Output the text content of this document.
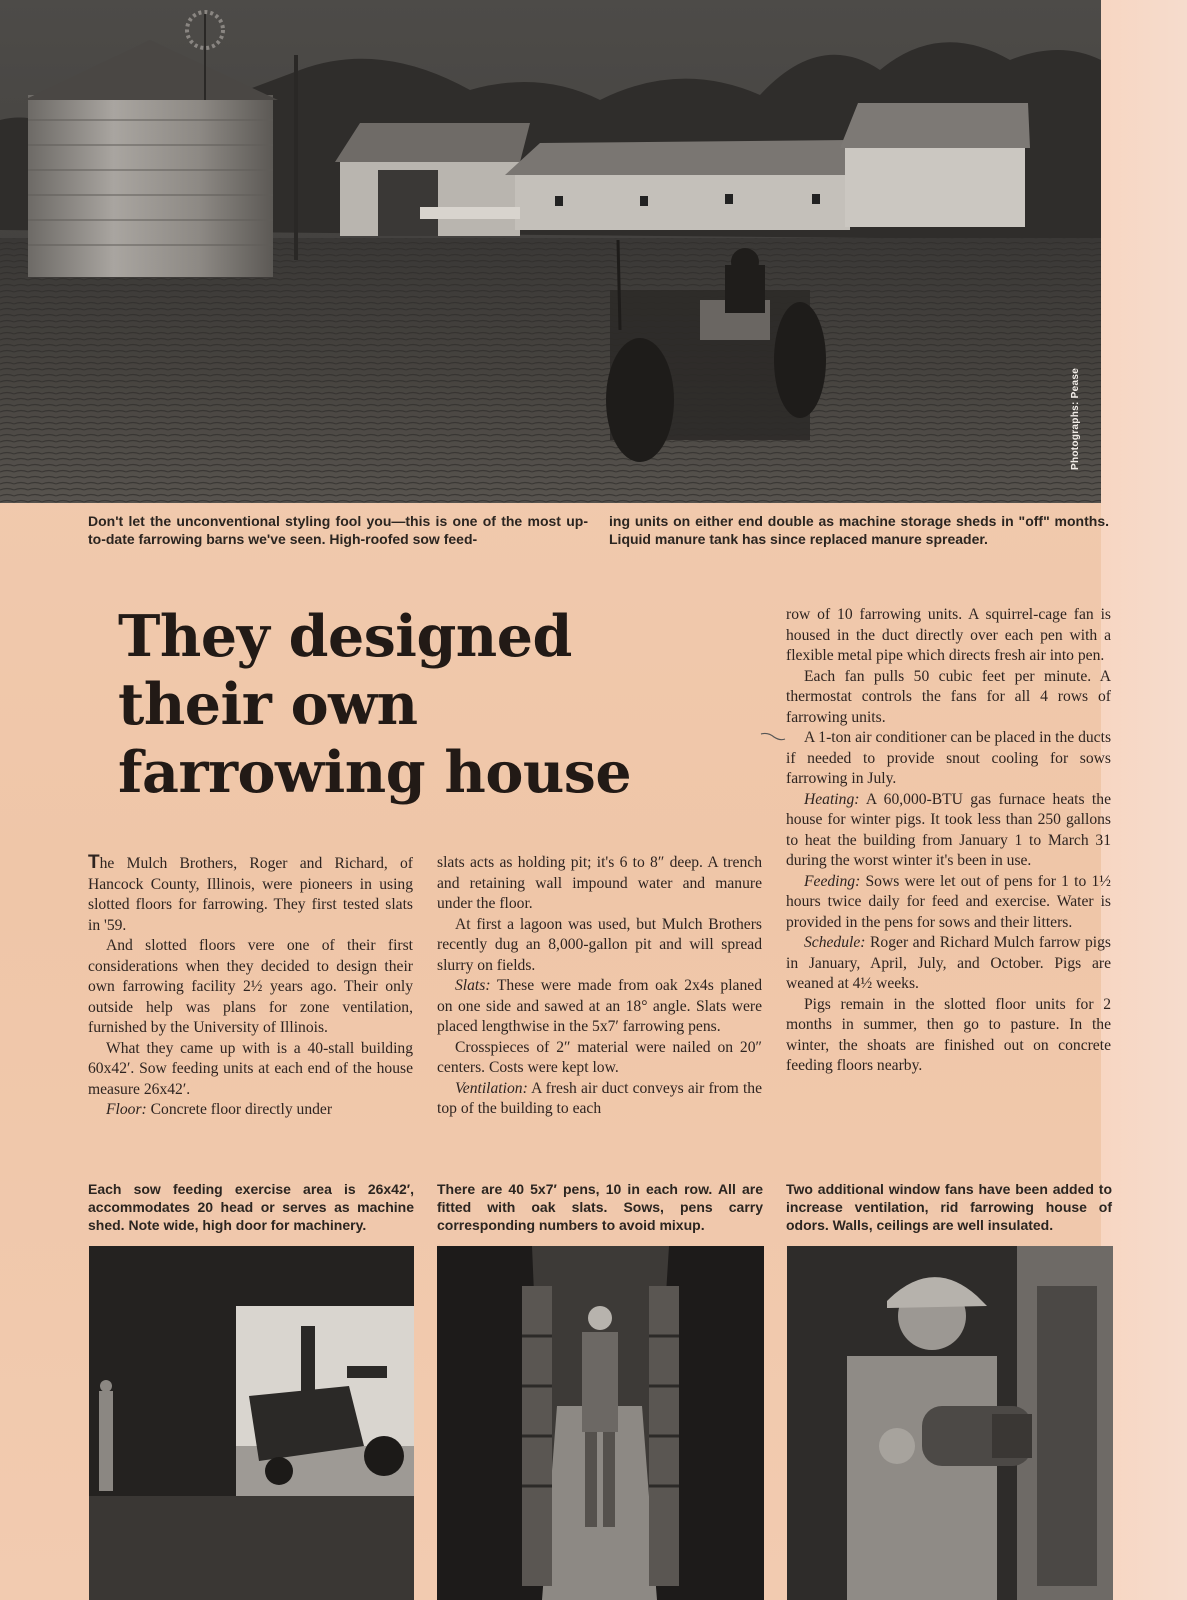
Photographs: Pease
Don't let the unconventional styling fool you—this is one of the most up-to-date farrowing barns we've seen. High-roofed sow feed-
ing units on either end double as machine storage sheds in "off" months. Liquid manure tank has since replaced manure spreader.
They designed
their own
farrowing house

The Mulch Brothers, Roger and Richard, of Hancock County, Illinois, were pioneers in using slotted floors for farrowing. They first tested slats in '59.

And slotted floors vere one of their first considerations when they decided to design their own farrowing facility 2½ years ago. Their only outside help was plans for zone ventilation, furnished by the University of Illinois.

What they came up with is a 40-stall building 60x42′. Sow feeding units at each end of the house measure 26x42′.

Floor: Concrete floor directly under

slats acts as holding pit; it's 6 to 8″ deep. A trench and retaining wall impound water and manure under the floor.

At first a lagoon was used, but Mulch Brothers recently dug an 8,000-gallon pit and will spread slurry on fields.

Slats: These were made from oak 2x4s planed on one side and sawed at an 18° angle. Slats were placed lengthwise in the 5x7′ farrowing pens.

Crosspieces of 2″ material were nailed on 20″ centers. Costs were kept low.

Ventilation: A fresh air duct conveys air from the top of the building to each

row of 10 farrowing units. A squirrel-cage fan is housed in the duct directly over each pen with a flexible metal pipe which directs fresh air into pen.

Each fan pulls 50 cubic feet per minute. A thermostat controls the fans for all 4 rows of farrowing units.

A 1-ton air conditioner can be placed in the ducts if needed to provide snout cooling for sows farrowing in July.

Heating: A 60,000-BTU gas furnace heats the house for winter pigs. It took less than 250 gallons to heat the building from January 1 to March 31 during the worst winter it's been in use.

Feeding: Sows were let out of pens for 1 to 1½ hours twice daily for feed and exercise. Water is provided in the pens for sows and their litters.

Schedule: Roger and Richard Mulch farrow pigs in January, April, July, and October. Pigs are weaned at 4½ weeks.

Pigs remain in the slotted floor units for 2 months in summer, then go to pasture. In the winter, the shoats are finished out on concrete feeding floors nearby.

Each sow feeding exercise area is 26x42′, accommodates 20 head or serves as machine shed. Note wide, high door for machinery.
There are 40 5x7′ pens, 10 in each row. All are fitted with oak slats. Sows, pens carry corresponding numbers to avoid mixup.
Two additional window fans have been added to increase ventilation, rid farrowing house of odors. Walls, ceilings are well insulated.
